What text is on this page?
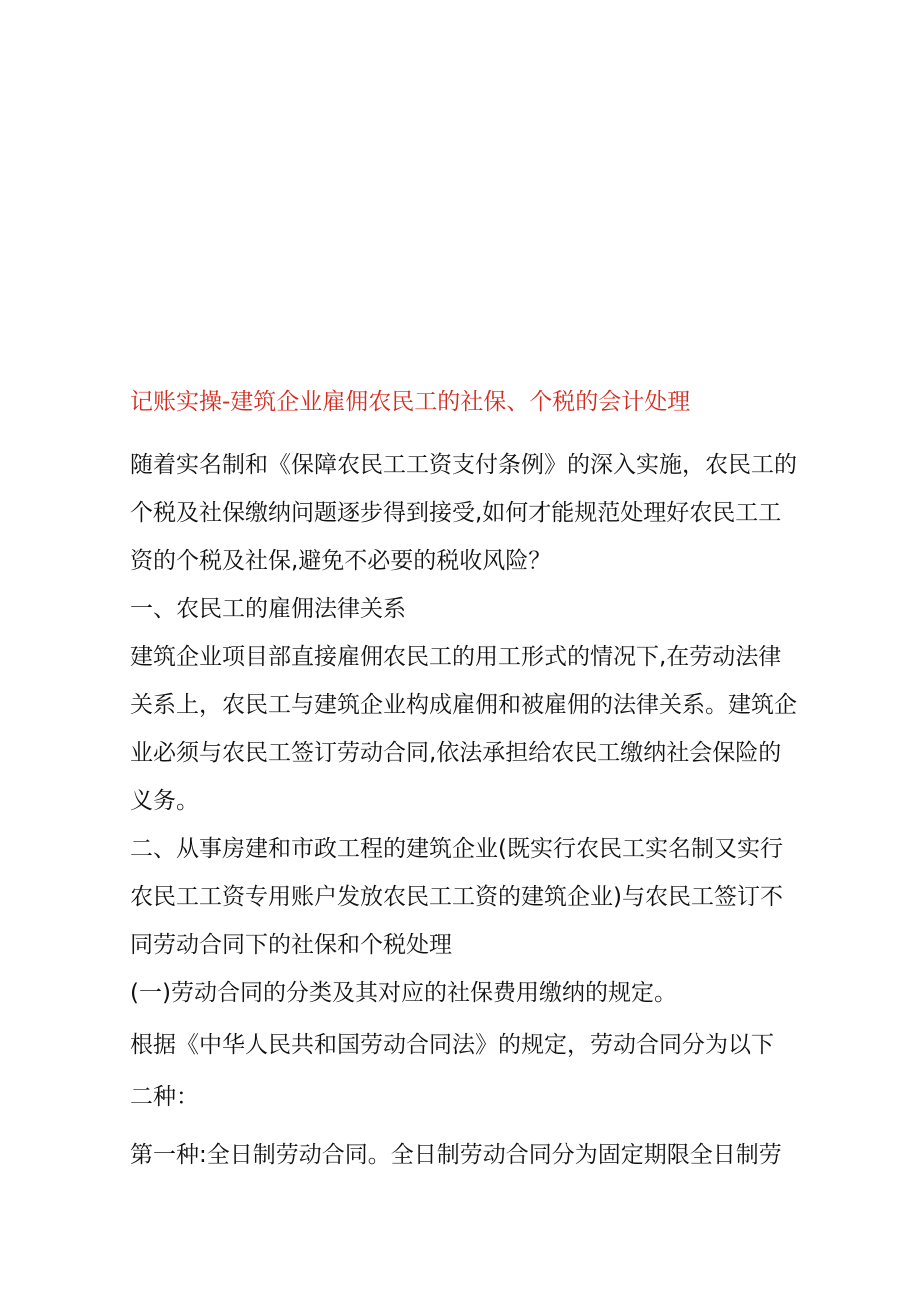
记账实操-建筑企业雇佣农民工的社保、个税的会计处理
随着实名制和《保障农民工工资支付条例》的深入实施，农民工的
个税及社保缴纳问题逐步得到接受,如何才能规范处理好农民工工
资的个税及社保,避免不必要的税收风险？
一、农民工的雇佣法律关系
建筑企业项目部直接雇佣农民工的用工形式的情况下,在劳动法律
关系上，农民工与建筑企业构成雇佣和被雇佣的法律关系。建筑企
业必须与农民工签订劳动合同,依法承担给农民工缴纳社会保险的
义务。
二、从事房建和市政工程的建筑企业(既实行农民工实名制又实行
农民工工资专用账户发放农民工工资的建筑企业)与农民工签订不
同劳动合同下的社保和个税处理
(一)劳动合同的分类及其对应的社保费用缴纳的规定。
根据《中华人民共和国劳动合同法》的规定，劳动合同分为以下
二种：
第一种:全日制劳动合同。全日制劳动合同分为固定期限全日制劳
